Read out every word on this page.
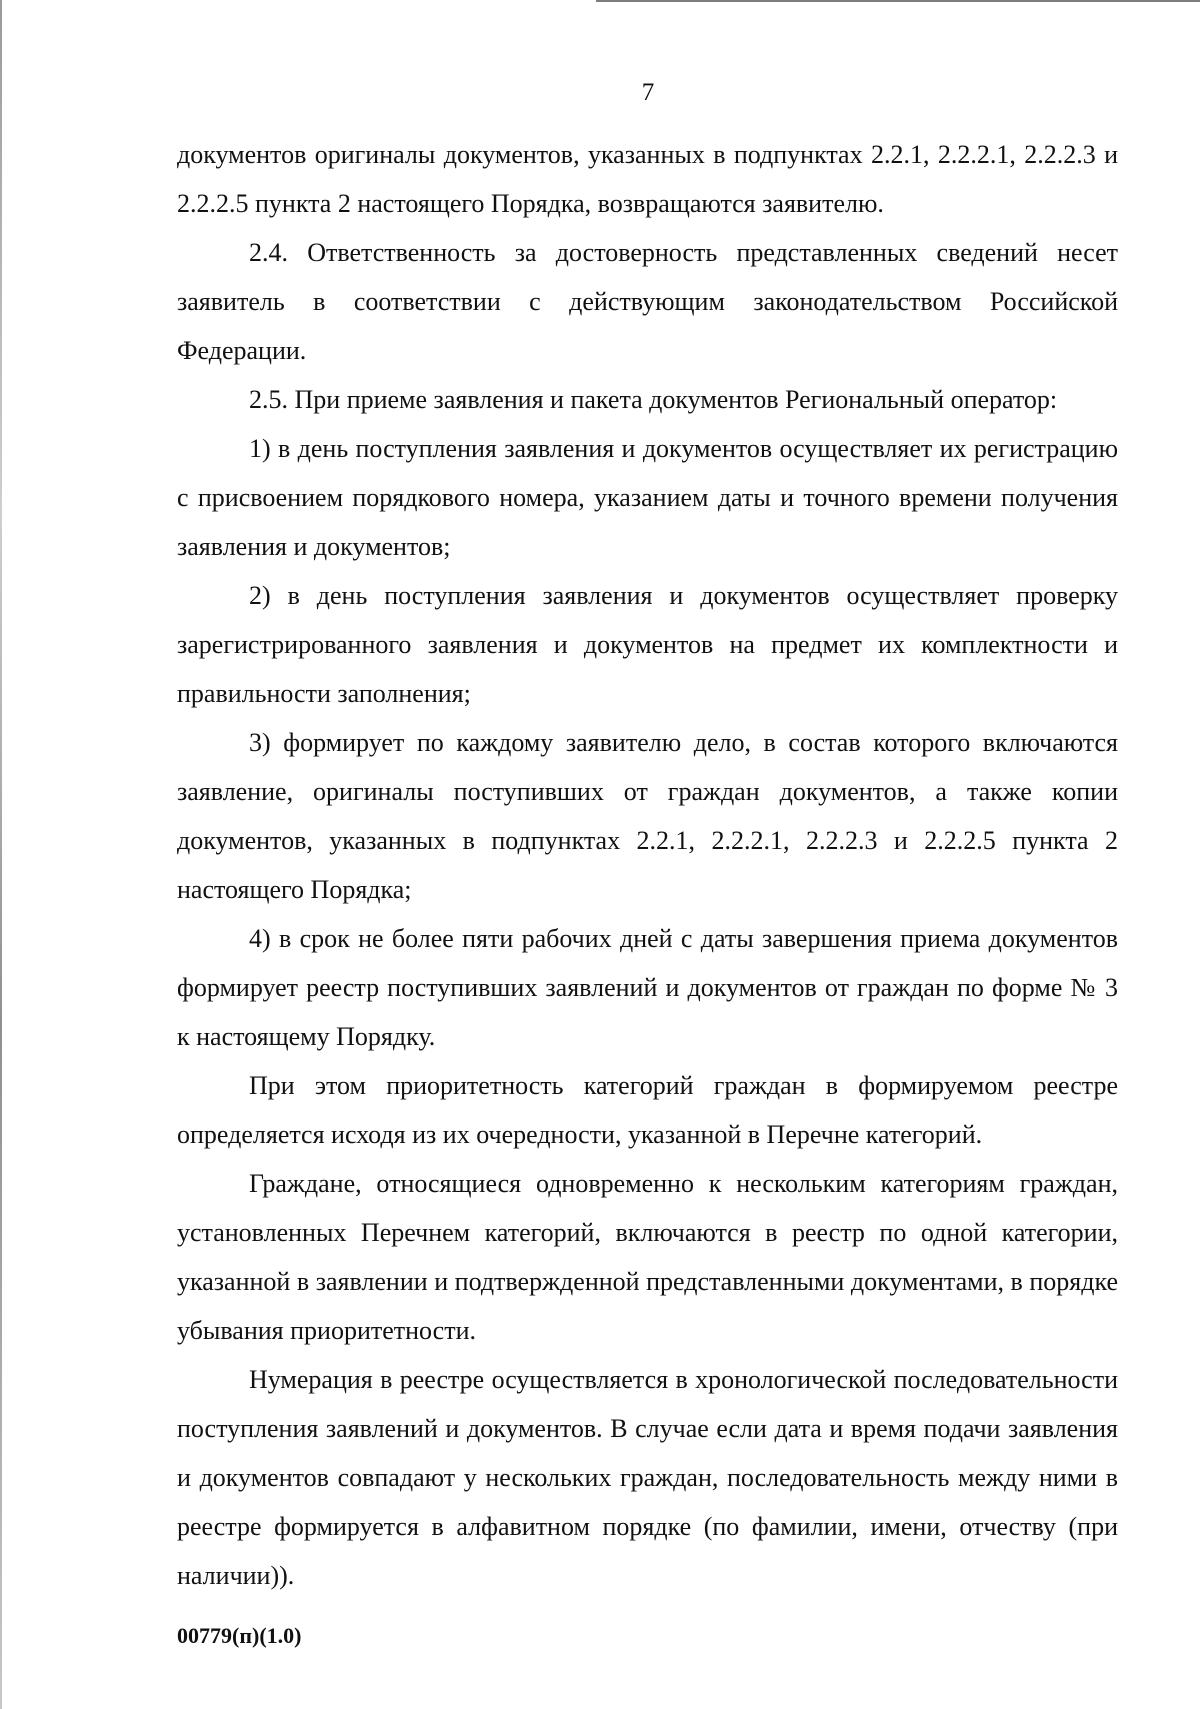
7

документов оригиналы документов, указанных в подпунктах 2.2.1, 2.2.2.1, 2.2.2.3 и 2.2.2.5 пункта 2 настоящего Порядка, возвращаются заявителю.

2.4. Ответственность за достоверность представленных сведений несет заявитель в соответствии с действующим законодательством Российской Федерации.

2.5. При приеме заявления и пакета документов Региональный оператор:

1) в день поступления заявления и документов осуществляет их регистрацию с присвоением порядкового номера, указанием даты и точного времени получения заявления и документов;

2) в день поступления заявления и документов осуществляет проверку зарегистрированного заявления и документов на предмет их комплектности и правильности заполнения;

3) формирует по каждому заявителю дело, в состав которого включаются заявление, оригиналы поступивших от граждан документов, а также копии документов, указанных в подпунктах 2.2.1, 2.2.2.1, 2.2.2.3 и 2.2.2.5 пункта 2 настоящего Порядка;

4) в срок не более пяти рабочих дней с даты завершения приема документов формирует реестр поступивших заявлений и документов от граждан по форме № 3 к настоящему Порядку.

При этом приоритетность категорий граждан в формируемом реестре определяется исходя из их очередности, указанной в Перечне категорий.

Граждане, относящиеся одновременно к нескольким категориям граждан, установленных Перечнем категорий, включаются в реестр по одной категории, указанной в заявлении и подтвержденной представленными документами, в порядке убывания приоритетности.

Нумерация в реестре осуществляется в хронологической последовательности поступления заявлений и документов. В случае если дата и время подачи заявления и документов совпадают у нескольких граждан, последовательность между ними в реестре формируется в алфавитном порядке (по фамилии, имени, отчеству (при наличии)).

00779(п)(1.0)
